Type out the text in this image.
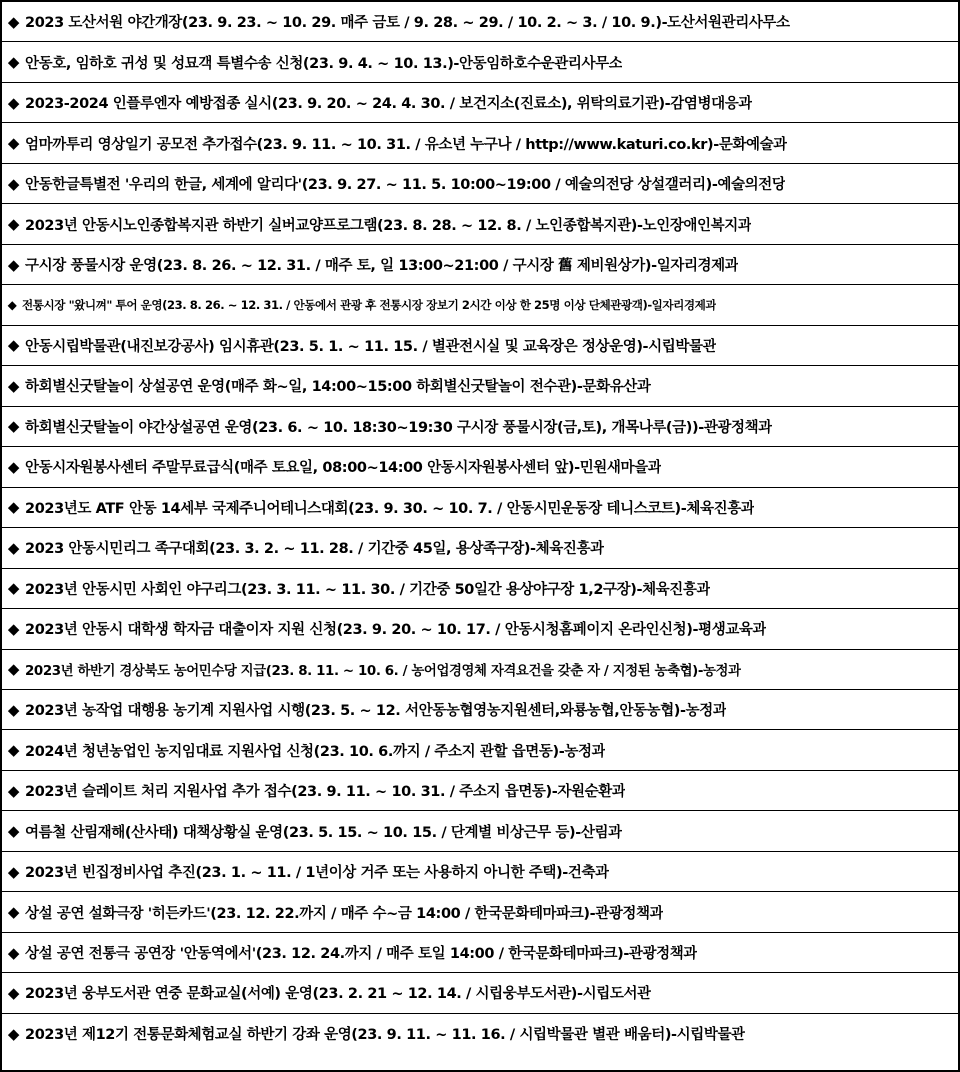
◆ 2023 도산서원 야간개장(23. 9. 23. ~ 10. 29. 매주 금토 / 9. 28. ~ 29. / 10. 2. ~ 3. / 10. 9.)-도산서원관리사무소
◆ 안동호, 임하호 귀성 및 성묘객 특별수송 신청(23. 9. 4. ~ 10. 13.)-안동임하호수운관리사무소
◆ 2023-2024 인플루엔자 예방접종 실시(23. 9. 20. ~ 24. 4. 30. / 보건지소(진료소), 위탁의료기관)-감염병대응과
◆ 엄마까투리 영상일기 공모전 추가접수(23. 9. 11. ~ 10. 31. / 유소년 누구나 / http://www.katuri.co.kr)-문화예술과
◆ 안동한글특별전 '우리의 한글, 세계에 알리다'(23. 9. 27. ~ 11. 5. 10:00~19:00 / 예술의전당 상설갤러리)-예술의전당
◆ 2023년 안동시노인종합복지관 하반기 실버교양프로그램(23. 8. 28. ~ 12. 8. / 노인종합복지관)-노인장애인복지과
◆ 구시장 풍물시장 운영(23. 8. 26. ~ 12. 31. / 매주 토, 일 13:00~21:00 / 구시장 舊 제비원상가)-일자리경제과
◆ 전통시장 "왔니껴" 투어 운영(23. 8. 26. ~ 12. 31. / 안동에서 관광 후 전통시장 장보기 2시간 이상 한 25명 이상 단체관광객)-일자리경제과
◆ 안동시립박물관(내진보강공사) 임시휴관(23. 5. 1. ~ 11. 15. / 별관전시실 및 교육장은 정상운영)-시립박물관
◆ 하회별신굿탈놀이 상설공연 운영(매주 화~일, 14:00~15:00 하회별신굿탈놀이 전수관)-문화유산과
◆ 하회별신굿탈놀이 야간상설공연 운영(23. 6. ~ 10. 18:30~19:30 구시장 풍물시장(금,토), 개목나루(금))-관광정책과
◆ 안동시자원봉사센터 주말무료급식(매주 토요일, 08:00~14:00 안동시자원봉사센터 앞)-민원새마을과
◆ 2023년도 ATF 안동 14세부 국제주니어테니스대회(23. 9. 30. ~ 10. 7. / 안동시민운동장 테니스코트)-체육진흥과
◆ 2023 안동시민리그 족구대회(23. 3. 2. ~ 11. 28. / 기간중 45일, 용상족구장)-체육진흥과
◆ 2023년 안동시민 사회인 야구리그(23. 3. 11. ~ 11. 30. / 기간중 50일간 용상야구장 1,2구장)-체육진흥과
◆ 2023년 안동시 대학생 학자금 대출이자 지원 신청(23. 9. 20. ~ 10. 17. / 안동시청홈페이지 온라인신청)-평생교육과
◆ 2023년 하반기 경상북도 농어민수당 지급(23. 8. 11. ~ 10. 6. / 농어업경영체 자격요건을 갖춘 자 / 지정된 농축협)-농정과
◆ 2023년 농작업 대행용 농기계 지원사업 시행(23. 5. ~ 12. 서안동농협영농지원센터,와룡농협,안동농협)-농정과
◆ 2024년 청년농업인 농지임대료 지원사업 신청(23. 10. 6.까지 / 주소지 관할 읍면동)-농정과
◆ 2023년 슬레이트 처리 지원사업 추가 접수(23. 9. 11. ~ 10. 31. / 주소지 읍면동)-자원순환과
◆ 여름철 산림재해(산사태) 대책상황실 운영(23. 5. 15. ~ 10. 15. / 단계별 비상근무 등)-산림과
◆ 2023년 빈집정비사업 추진(23. 1. ~ 11. / 1년이상 거주 또는 사용하지 아니한 주택)-건축과
◆ 상설 공연 설화극장 '히든카드'(23. 12. 22.까지 / 매주 수~금 14:00 / 한국문화테마파크)-관광정책과
◆ 상설 공연 전통극 공연장 '안동역에서'(23. 12. 24.까지 / 매주 토일 14:00 / 한국문화테마파크)-관광정책과
◆ 2023년 웅부도서관 연중 문화교실(서예) 운영(23. 2. 21 ~ 12. 14. / 시립웅부도서관)-시립도서관
◆ 2023년 제12기 전통문화체험교실 하반기 강좌 운영(23. 9. 11. ~ 11. 16. / 시립박물관 별관 배움터)-시립박물관
